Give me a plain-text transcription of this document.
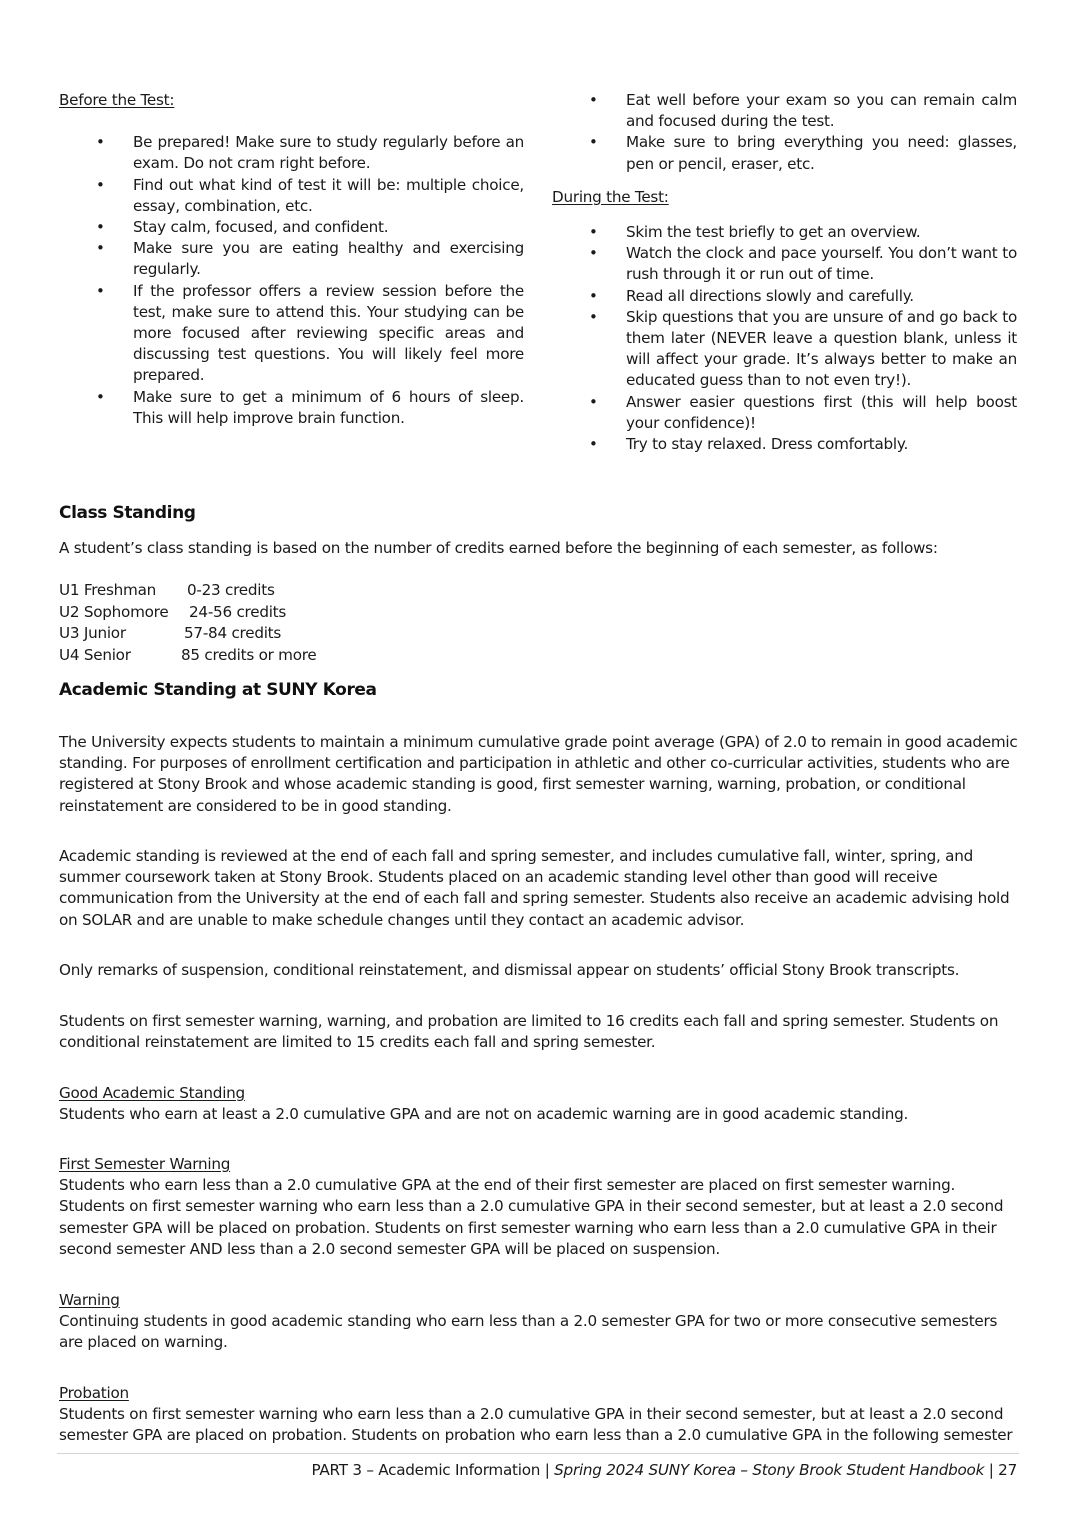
Before the Test:

• Be prepared! Make sure to study regularly before an exam. Do not cram right before.
• Find out what kind of test it will be: multiple choice, essay, combination, etc.
• Stay calm, focused, and confident.
• Make sure you are eating healthy and exercising regularly.
• If the professor offers a review session before the test, make sure to attend this. Your studying can be more focused after reviewing specific areas and discussing test questions. You will likely feel more prepared.
• Make sure to get a minimum of 6 hours of sleep. This will help improve brain function.
• Eat well before your exam so you can remain calm and focused during the test.
• Make sure to bring everything you need: glasses, pen or pencil, eraser, etc.

During the Test:

• Skim the test briefly to get an overview.
• Watch the clock and pace yourself. You don’t want to rush through it or run out of time.
• Read all directions slowly and carefully.
• Skip questions that you are unsure of and go back to them later (NEVER leave a question blank, unless it will affect your grade. It’s always better to make an educated guess than to not even try!).
• Answer easier questions first (this will help boost your confidence)!
• Try to stay relaxed. Dress comfortably.
Class Standing

A student’s class standing is based on the number of credits earned before the beginning of each semester, as follows:

U1 Freshman	0-23 credits
U2 Sophomore	24-56 credits
U3 Junior	57-84 credits
U4 Senior	85 credits or more
Academic Standing at SUNY Korea

The University expects students to maintain a minimum cumulative grade point average (GPA) of 2.0 to remain in good academic standing. For purposes of enrollment certification and participation in athletic and other co-curricular activities, students who are registered at Stony Brook and whose academic standing is good, first semester warning, warning, probation, or conditional reinstatement are considered to be in good standing.

Academic standing is reviewed at the end of each fall and spring semester, and includes cumulative fall, winter, spring, and summer coursework taken at Stony Brook. Students placed on an academic standing level other than good will receive communication from the University at the end of each fall and spring semester. Students also receive an academic advising hold on SOLAR and are unable to make schedule changes until they contact an academic advisor.

Only remarks of suspension, conditional reinstatement, and dismissal appear on students’ official Stony Brook transcripts.

Students on first semester warning, warning, and probation are limited to 16 credits each fall and spring semester. Students on conditional reinstatement are limited to 15 credits each fall and spring semester.

Good Academic Standing

Students who earn at least a 2.0 cumulative GPA and are not on academic warning are in good academic standing.

First Semester Warning

Students who earn less than a 2.0 cumulative GPA at the end of their first semester are placed on first semester warning.   Students on first semester warning who earn less than a 2.0 cumulative GPA in their second semester, but at least a 2.0 second semester GPA will be placed on probation. Students on first semester warning who earn less than a 2.0 cumulative GPA in their second semester AND less than a 2.0 second semester GPA will be placed on suspension.

Warning

Continuing students in good academic standing who earn less than a 2.0 semester GPA for two or more consecutive semesters are placed on warning.

Probation

Students on first semester warning who earn less than a 2.0 cumulative GPA in their second semester, but at least a 2.0 second semester GPA are placed on probation. Students on probation who earn less than a 2.0 cumulative GPA in the following semester

PART 3 – Academic Information | Spring 2024 SUNY Korea – Stony Brook Student Handbook | 27
